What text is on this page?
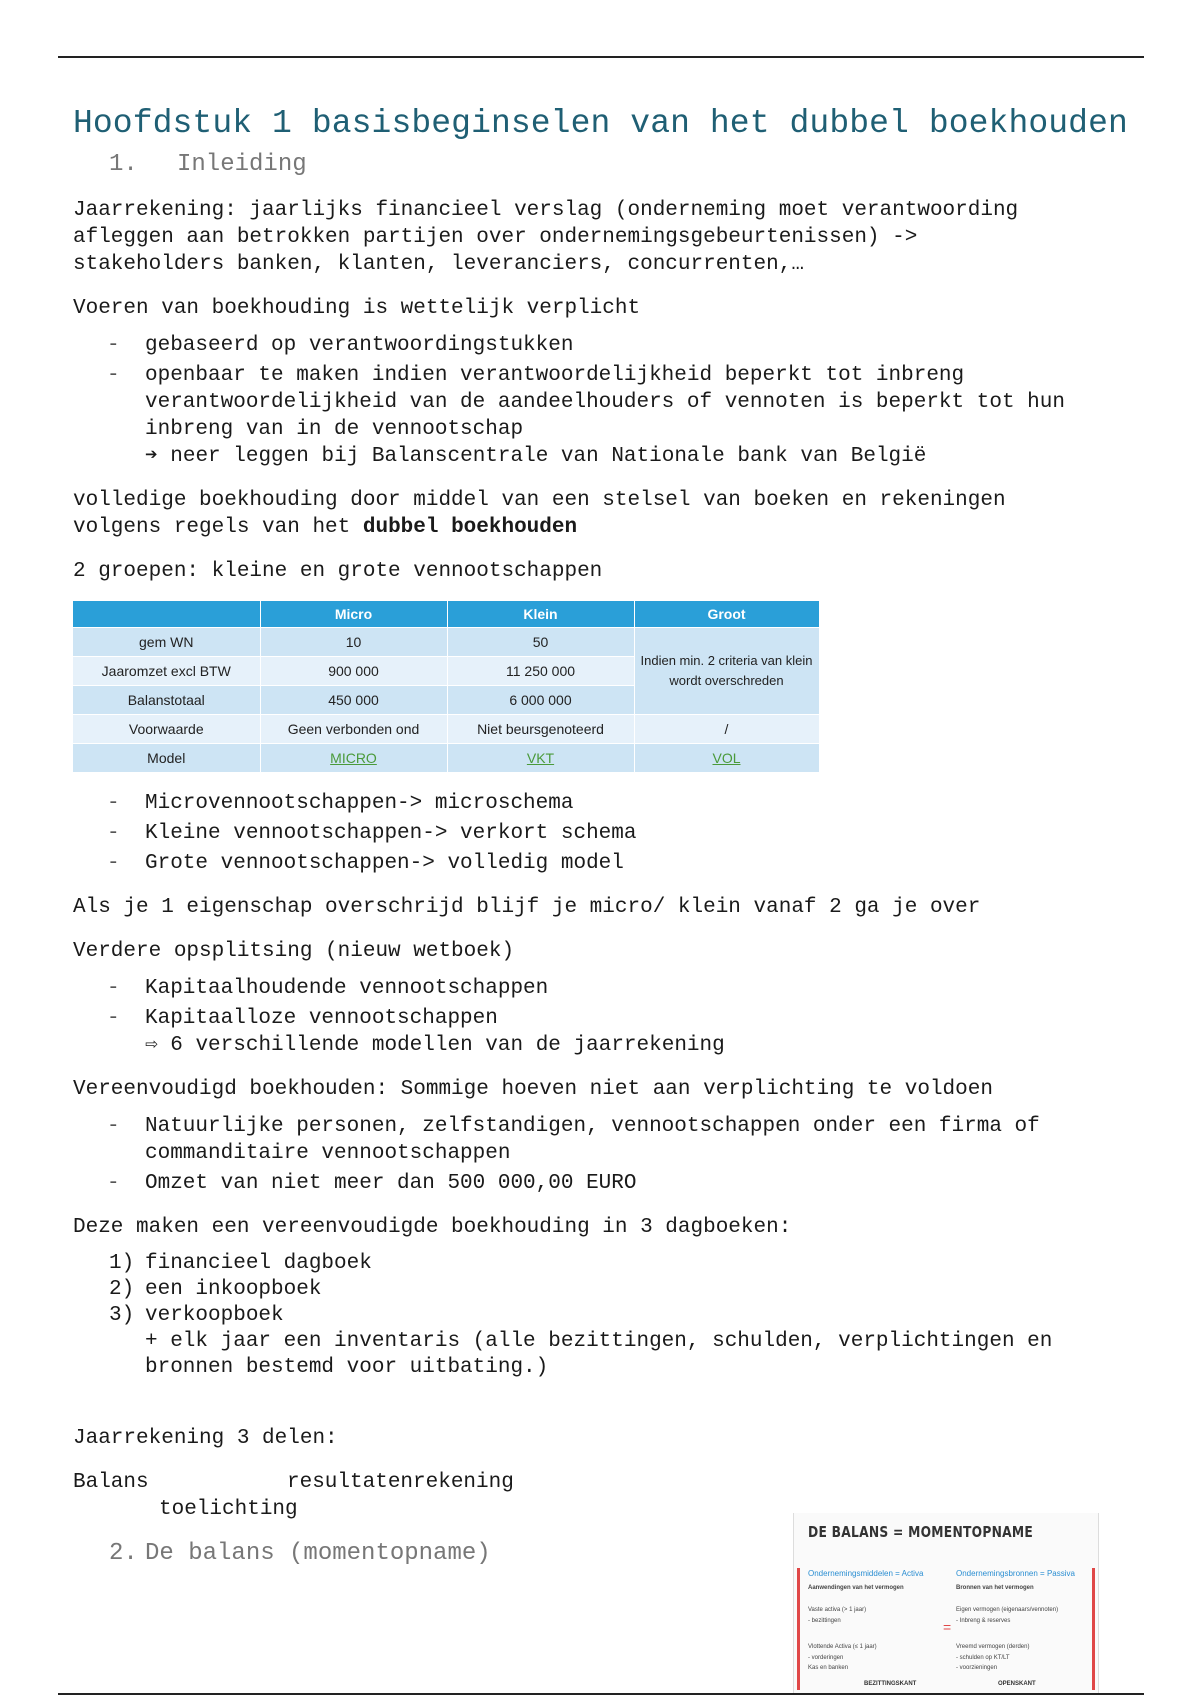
Hoofdstuk 1 basisbeginselen van het dubbel boekhouden
1.	Inleiding

Jaarrekening: jaarlijks financieel verslag (onderneming moet verantwoording
afleggen aan betrokken partijen over ondernemingsgebeurtenissen) ->
stakeholders banken, klanten, leveranciers, concurrenten,…

Voeren van boekhouding is wettelijk verplicht

- gebaseerd op verantwoordingstukken
- openbaar te maken indien verantwoordelijkheid beperkt tot inbreng verantwoordelijkheid van de aandeelhouders of vennoten is beperkt tot hun inbreng van in de vennootschap
➔ neer leggen bij Balanscentrale van Nationale bank van België

volledige boekhouding door middel van een stelsel van boeken en rekeningen
volgens regels van het dubbel boekhouden

2 groepen: kleine en grote vennootschappen

	Micro	Klein	Groot
gem WN	10	50	Indien min. 2 criteria van klein wordt overschreden
Jaaromzet excl BTW	900 000	11 250 000	
Balanstotaal	450 000	6 000 000	
Voorwaarde	Geen verbonden ond	Niet beursgenoteerd	/
Model	MICRO	VKT	VOL
- Microvennootschappen-> microschema
- Kleine vennootschappen-> verkort schema
- Grote vennootschappen-> volledig model

Als je 1 eigenschap overschrijd blijf je micro/ klein vanaf 2 ga je over

Verdere opsplitsing (nieuw wetboek)

- Kapitaalhoudende vennootschappen
- Kapitaalloze vennootschappen
⇨ 6 verschillende modellen van de jaarrekening

Vereenvoudigd boekhouden: Sommige hoeven niet aan verplichting te voldoen

- Natuurlijke personen, zelfstandigen, vennootschappen onder een firma of commanditaire vennootschappen
- Omzet van niet meer dan 500 000,00 EURO

Deze maken een vereenvoudigde boekhouding in 3 dagboeken:

1) financieel dagboek
2) een inkoopboek
3) verkoopboek
+ elk jaar een inventaris (alle bezittingen, schulden, verplichtingen en bronnen bestemd voor uitbating.)

Jaarrekening 3 delen:

Balans	resultatenrekening
toelichting
2. De balans (momentopname)
DE BALANS = MOMENTOPNAME
Ondernemingsmiddelen = Activa	Ondernemingsbronnen = Passiva
Aanwendingen van het vermogen
Vaste activa (> 1 jaar)
- bezittingen
Vlottende Activa (≤ 1 jaar)
- vorderingen
Kas en banken
Bronnen van het vermogen
Eigen vermogen (eigenaars/vennoten)
- Inbreng & reserves
Vreemd vermogen (derden)
- schulden op KT/LT
- voorzieningen
=
BEZITTINGSKANT	OPENSKANT
